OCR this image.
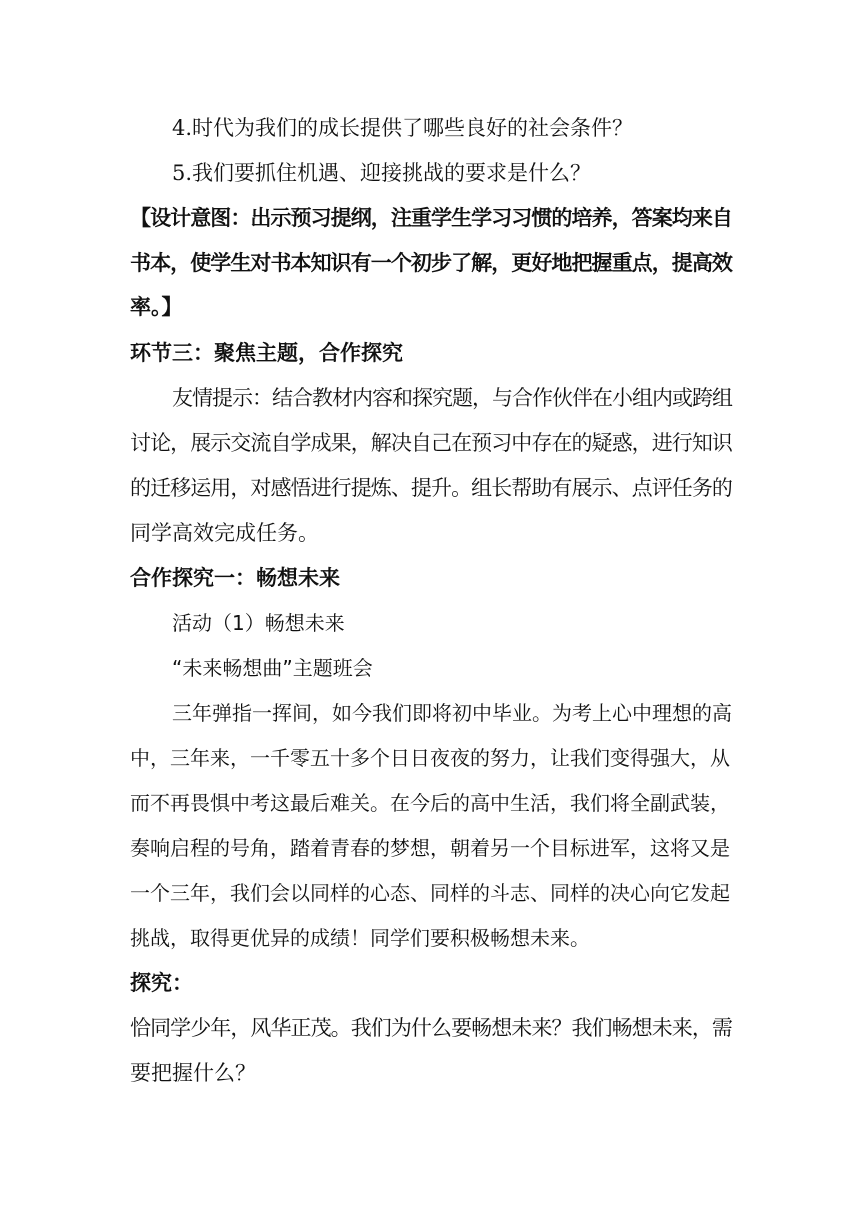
4.时代为我们的成长提供了哪些良好的社会条件？
5.我们要抓住机遇、迎接挑战的要求是什么？
【设计意图：出示预习提纲，注重学生学习习惯的培养，答案均来自
书本，使学生对书本知识有一个初步了解，更好地把握重点，提高效
率。】
环节三：聚焦主题，合作探究
友情提示：结合教材内容和探究题，与合作伙伴在小组内或跨组
讨论，展示交流自学成果，解决自己在预习中存在的疑惑，进行知识
的迁移运用，对感悟进行提炼、提升。组长帮助有展示、点评任务的
同学高效完成任务。
合作探究一：畅想未来
活动（1）畅想未来
“未来畅想曲”主题班会
三年弹指一挥间，如今我们即将初中毕业。为考上心中理想的高
中，三年来，一千零五十多个日日夜夜的努力，让我们变得强大，从
而不再畏惧中考这最后难关。在今后的高中生活，我们将全副武装，
奏响启程的号角，踏着青春的梦想，朝着另一个目标进军，这将又是
一个三年，我们会以同样的心态、同样的斗志、同样的决心向它发起
挑战，取得更优异的成绩！同学们要积极畅想未来。
探究：
恰同学少年，风华正茂。我们为什么要畅想未来？我们畅想未来，需
要把握什么？
